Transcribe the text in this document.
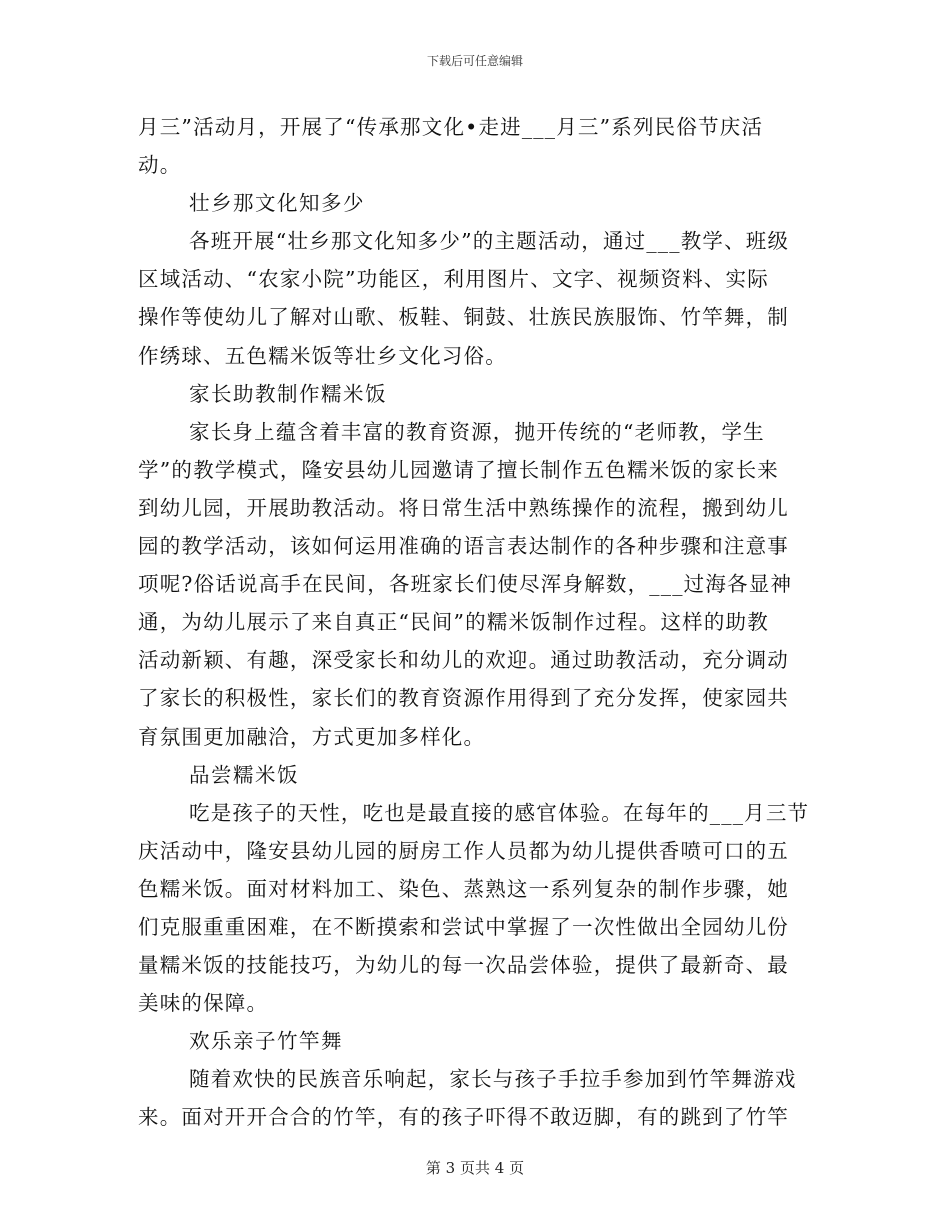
下载后可任意编辑
月三”活动月，开展了“传承那文化•走进___月三”系列民俗节庆活
动。
壮乡那文化知多少
各班开展“壮乡那文化知多少”的主题活动，通过___教学、班级
区域活动、“农家小院”功能区，利用图片、文字、视频资料、实际
操作等使幼儿了解对山歌、板鞋、铜鼓、壮族民族服饰、竹竿舞，制
作绣球、五色糯米饭等壮乡文化习俗。
家长助教制作糯米饭
家长身上蕴含着丰富的教育资源，抛开传统的“老师教，学生
学”的教学模式，隆安县幼儿园邀请了擅长制作五色糯米饭的家长来
到幼儿园，开展助教活动。将日常生活中熟练操作的流程，搬到幼儿
园的教学活动，该如何运用准确的语言表达制作的各种步骤和注意事
项呢?俗话说高手在民间，各班家长们使尽浑身解数，___过海各显神
通，为幼儿展示了来自真正“民间”的糯米饭制作过程。这样的助教
活动新颖、有趣，深受家长和幼儿的欢迎。通过助教活动，充分调动
了家长的积极性，家长们的教育资源作用得到了充分发挥，使家园共
育氛围更加融洽，方式更加多样化。
品尝糯米饭
吃是孩子的天性，吃也是最直接的感官体验。在每年的___月三节
庆活动中，隆安县幼儿园的厨房工作人员都为幼儿提供香喷可口的五
色糯米饭。面对材料加工、染色、蒸熟这一系列复杂的制作步骤，她
们克服重重困难，在不断摸索和尝试中掌握了一次性做出全园幼儿份
量糯米饭的技能技巧，为幼儿的每一次品尝体验，提供了最新奇、最
美味的保障。
欢乐亲子竹竿舞
随着欢快的民族音乐响起，家长与孩子手拉手参加到竹竿舞游戏
来。面对开开合合的竹竿，有的孩子吓得不敢迈脚，有的跳到了竹竿
第 3 页共 4 页
